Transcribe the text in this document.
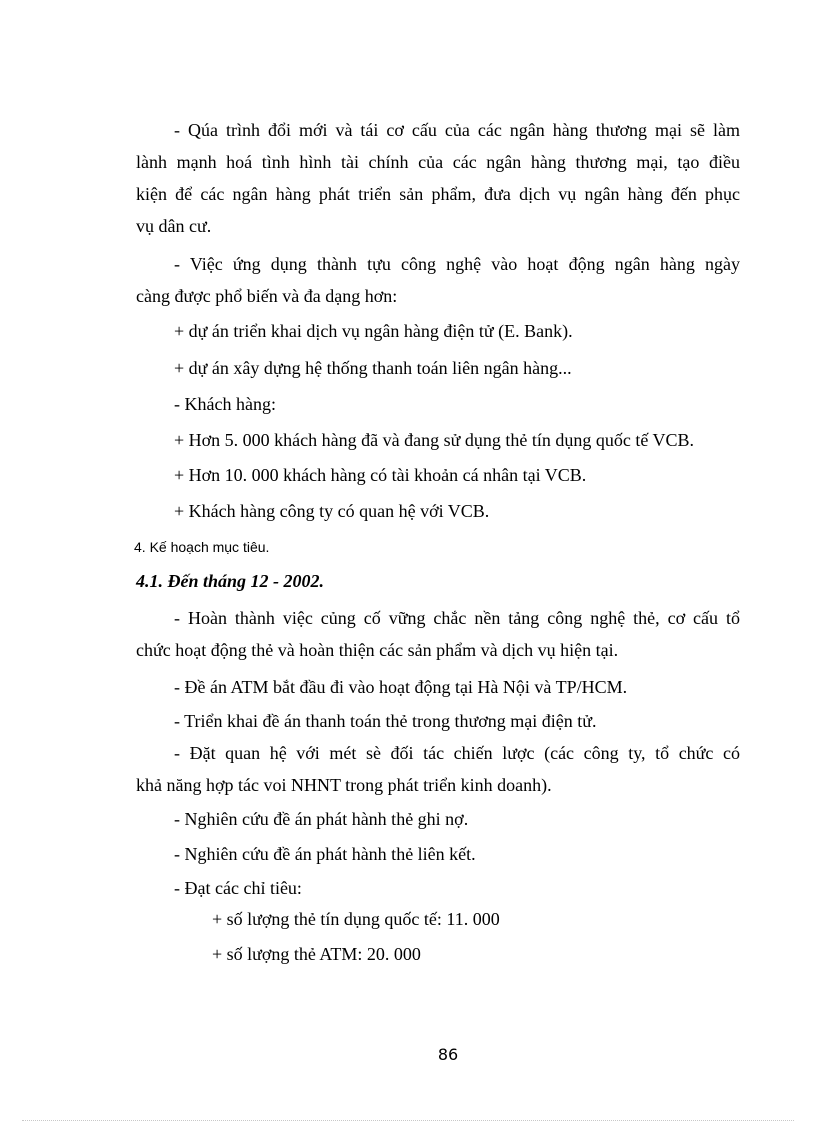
- Qúa trình đổi mới và tái cơ cấu của các ngân hàng thương mại sẽ làm
lành mạnh hoá tình hình tài chính của các ngân hàng thương mại, tạo điều
kiện để các ngân hàng phát triển sản phẩm, đưa dịch vụ ngân hàng đến phục
vụ dân cư.
- Việc ứng dụng thành tựu công nghệ vào hoạt động ngân hàng ngày
càng được phổ biến và đa dạng hơn:
+ dự án triển khai dịch vụ ngân hàng điện tử (E. Bank).
+ dự án xây dựng hệ thống thanh toán liên ngân hàng...
- Khách hàng:
+ Hơn 5. 000 khách hàng đã và đang sử dụng thẻ tín dụng quốc tế VCB.
+ Hơn 10. 000 khách hàng có tài khoản cá nhân tại VCB.
+ Khách hàng công ty có quan hệ với VCB.
4. Kế hoạch mục tiêu.
4.1. Đến tháng 12 - 2002.
- Hoàn thành việc củng cố vững chắc nền tảng công nghệ thẻ, cơ cấu tổ
chức hoạt động thẻ và hoàn thiện các sản phẩm và dịch vụ hiện tại.
- Đề án ATM bắt đầu đi vào hoạt động tại Hà Nội và TP/HCM.
- Triển khai đề án thanh toán thẻ trong thương mại điện tử.
- Đặt quan hệ với mét sè đối tác chiến lược (các công ty, tổ chức có
khả năng hợp tác voi NHNT trong phát triển kinh doanh).
- Nghiên cứu đề án phát hành thẻ ghi nợ.
- Nghiên cứu đề án phát hành thẻ liên kết.
- Đạt các chỉ tiêu:
+ số lượng thẻ tín dụng quốc tế: 11. 000
+ số lượng thẻ ATM: 20. 000
86
